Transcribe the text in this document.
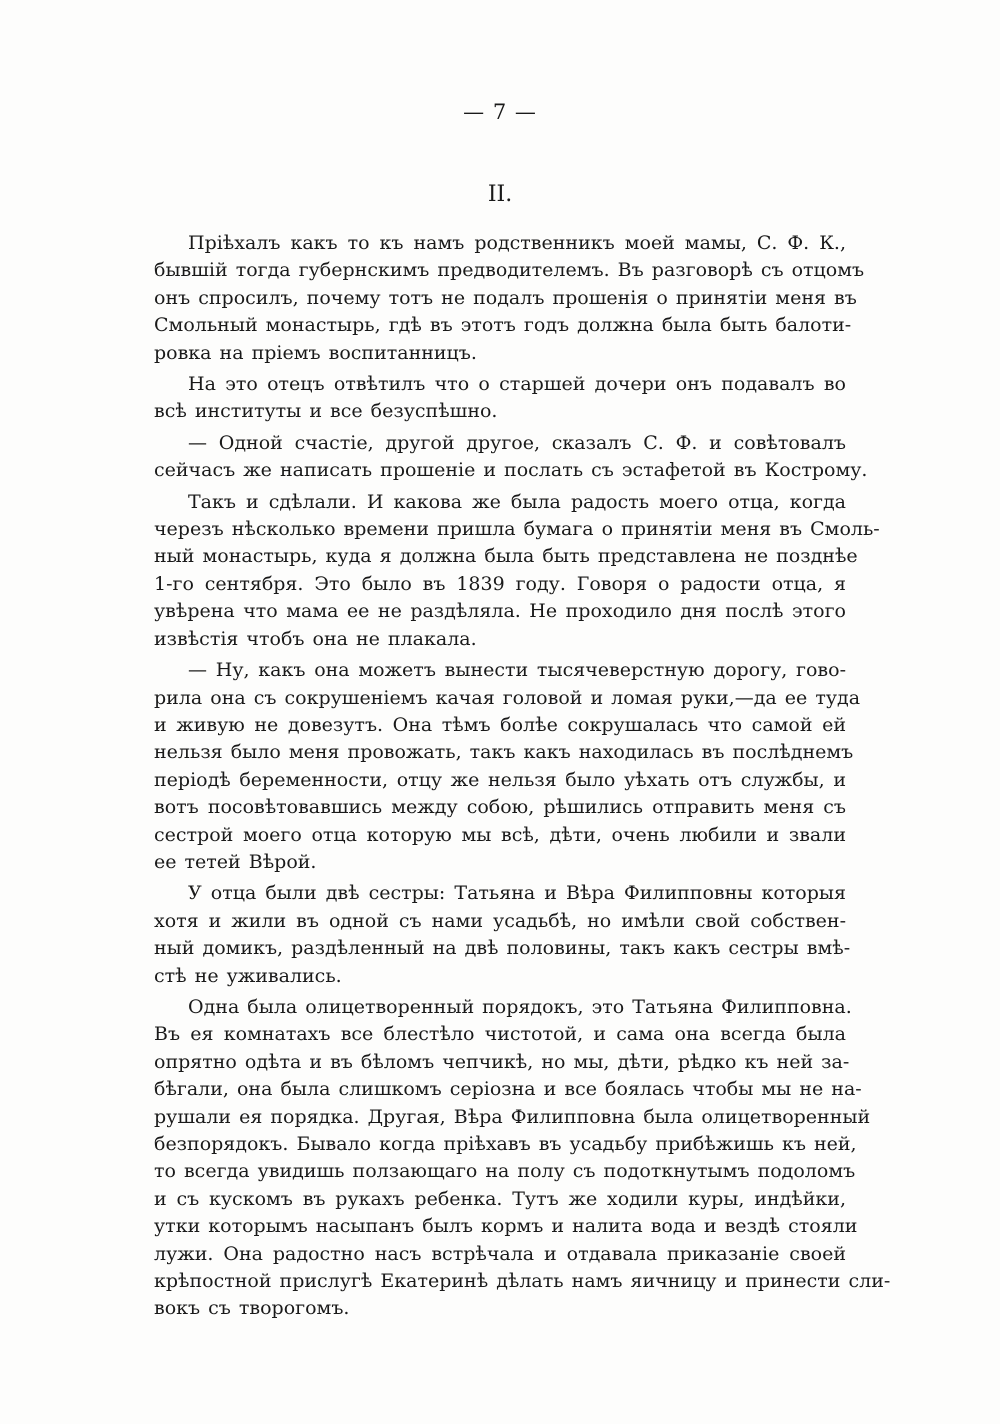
— 7 —
II.
Пріѣхалъ какъ то къ намъ родственникъ моей мамы, С. Ф. К.,
бывшій тогда губернскимъ предводителемъ. Въ разговорѣ съ отцомъ
онъ спросилъ, почему тотъ не подалъ прошенія о принятіи меня въ
Смольный монастырь, гдѣ въ этотъ годъ должна была быть балоти-
ровка на пріемъ воспитанницъ.
На это отецъ отвѣтилъ что о старшей дочери онъ подавалъ во
всѣ институты и все безуспѣшно.
— Одной счастіе, другой другое, сказалъ С. Ф. и совѣтовалъ
сейчасъ же написать прошеніе и послать съ эстафетой въ Кострому.
Такъ и сдѣлали. И какова же была радость моего отца, когда
черезъ нѣсколько времени пришла бумага о принятіи меня въ Смоль-
ный монастырь, куда я должна была быть представлена не позднѣе
1-го сентября. Это было въ 1839 году. Говоря о радости отца, я
увѣрена что мама ее не раздѣляла. Не проходило дня послѣ этого
извѣстія чтобъ она не плакала.
— Ну, какъ она можетъ вынести тысячеверстную дорогу, гово-
рила она съ сокрушеніемъ качая головой и ломая руки,—да ее туда
и живую не довезутъ. Она тѣмъ болѣе сокрушалась что самой ей
нельзя было меня провожать, такъ какъ находилась въ послѣднемъ
періодѣ беременности, отцу же нельзя было уѣхать отъ службы, и
вотъ посовѣтовавшись между собою, рѣшились отправить меня съ
сестрой моего отца которую мы всѣ, дѣти, очень любили и звали
ее тетей Вѣрой.
У отца были двѣ сестры: Татьяна и Вѣра Филипповны которыя
хотя и жили въ одной съ нами усадьбѣ, но имѣли свой собствен-
ный домикъ, раздѣленный на двѣ половины, такъ какъ сестры вмѣ-
стѣ не уживались.
Одна была олицетворенный порядокъ, это Татьяна Филипповна.
Въ ея комнатахъ все блестѣло чистотой, и сама она всегда была
опрятно одѣта и въ бѣломъ чепчикѣ, но мы, дѣти, рѣдко къ ней за-
бѣгали, она была слишкомъ серіозна и все боялась чтобы мы не на-
рушали ея порядка. Другая, Вѣра Филипповна была олицетворенный
безпорядокъ. Бывало когда пріѣхавъ въ усадьбу прибѣжишь къ ней,
то всегда увидишь ползающаго на полу съ подоткнутымъ подоломъ
и съ кускомъ въ рукахъ ребенка. Тутъ же ходили куры, индѣйки,
утки которымъ насыпанъ былъ кормъ и налита вода и вездѣ стояли
лужи. Она радостно насъ встрѣчала и отдавала приказаніе своей
крѣпостной прислугѣ Екатеринѣ дѣлать намъ яичницу и принести сли-
вокъ съ творогомъ.
